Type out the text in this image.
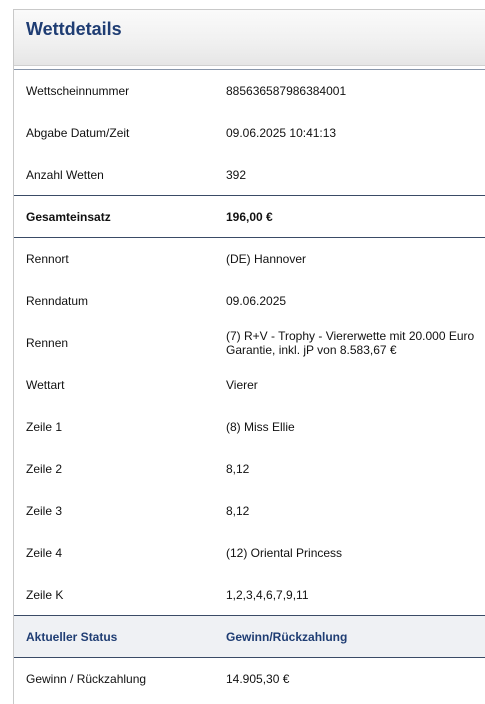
Wettdetails
Wettscheinnummer	885636587986384001
Abgabe Datum/Zeit	09.06.2025 10:41:13
Anzahl Wetten	392
Gesamteinsatz	196,00 €
Rennort	(DE) Hannover
Renndatum	09.06.2025
Rennen	(7) R+V - Trophy - Viererwette mit 20.000 Euro Garantie, inkl. jP von 8.583,67 €
Wettart	Vierer
Zeile 1	(8) Miss Ellie
Zeile 2	8,12
Zeile 3	8,12
Zeile 4	(12) Oriental Princess
Zeile K	1,2,3,4,6,7,9,11
Aktueller Status	Gewinn/Rückzahlung
Gewinn / Rückzahlung	14.905,30 €
